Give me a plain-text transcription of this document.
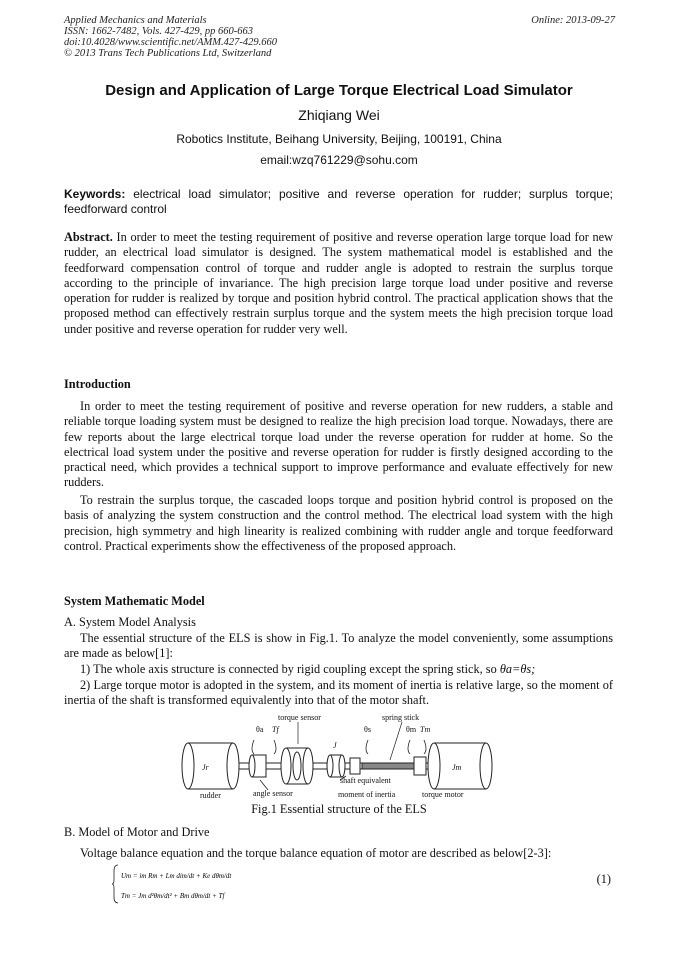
Applied Mechanics and Materials
ISSN: 1662-7482, Vols. 427-429, pp 660-663
doi:10.4028/www.scientific.net/AMM.427-429.660
© 2013 Trans Tech Publications Ltd, Switzerland
Online: 2013-09-27
Design and Application of Large Torque Electrical Load Simulator
Zhiqiang Wei
Robotics Institute, Beihang University, Beijing, 100191, China
email:wzq761229@sohu.com
Keywords: electrical load simulator; positive and reverse operation for rudder; surplus torque; feedforward control
Abstract. In order to meet the testing requirement of positive and reverse operation large torque load for new rudder, an electrical load simulator is designed. The system mathematical model is established and the feedforward compensation control of torque and rudder angle is adopted to restrain the surplus torque according to the principle of invariance. The high precision large torque load under positive and reverse operation for rudder is realized by torque and position hybrid control. The practical application shows that the proposed method can effectively restrain surplus torque and the system meets the high precision torque load under positive and reverse operation for rudder very well.
Introduction
In order to meet the testing requirement of positive and reverse operation for new rudders, a stable and reliable torque loading system must be designed to realize the high precision load torque. Nowadays, there are few reports about the large electrical torque load under the reverse operation for rudder at home. So the electrical load system under the positive and reverse operation for rudder is firstly designed according to the practical need, which provides a technical support to improve performance and evaluate effectively for new rudders.
To restrain the surplus torque, the cascaded loops torque and position hybrid control is proposed on the basis of analyzing the system construction and the control method. The electrical load system with the high precision, high symmetry and high linearity is realized combining with rudder angle and torque feedforward control. Practical experiments show the effectiveness of the proposed approach.
System Mathematic Model
A. System Model Analysis
The essential structure of the ELS is show in Fig.1. To analyze the model conveniently, some assumptions are made as below[1]:
1) The whole axis structure is connected by rigid coupling except the spring stick, so θa=θs;
2) Large torque motor is adopted in the system, and its moment of inertia is relative large, so the moment of inertia of the shaft is transformed equivalently into that of the motor shaft.
Jr
J
Jm
torque sensor	spring stick
θa Tf	θs	θm Tm
rudder	angle sensor
shaft equivalent
moment of inertia	torque motor
Fig.1 Essential structure of the ELS
B. Model of Motor and Drive
Voltage balance equation and the torque balance equation of motor are described as below[2-3]:
Um = im Rm + Lm dim/dt + Ke dθm/dt
Tm = Jm d²θm/dt² + Bm dθm/dt + Tf
(1)
